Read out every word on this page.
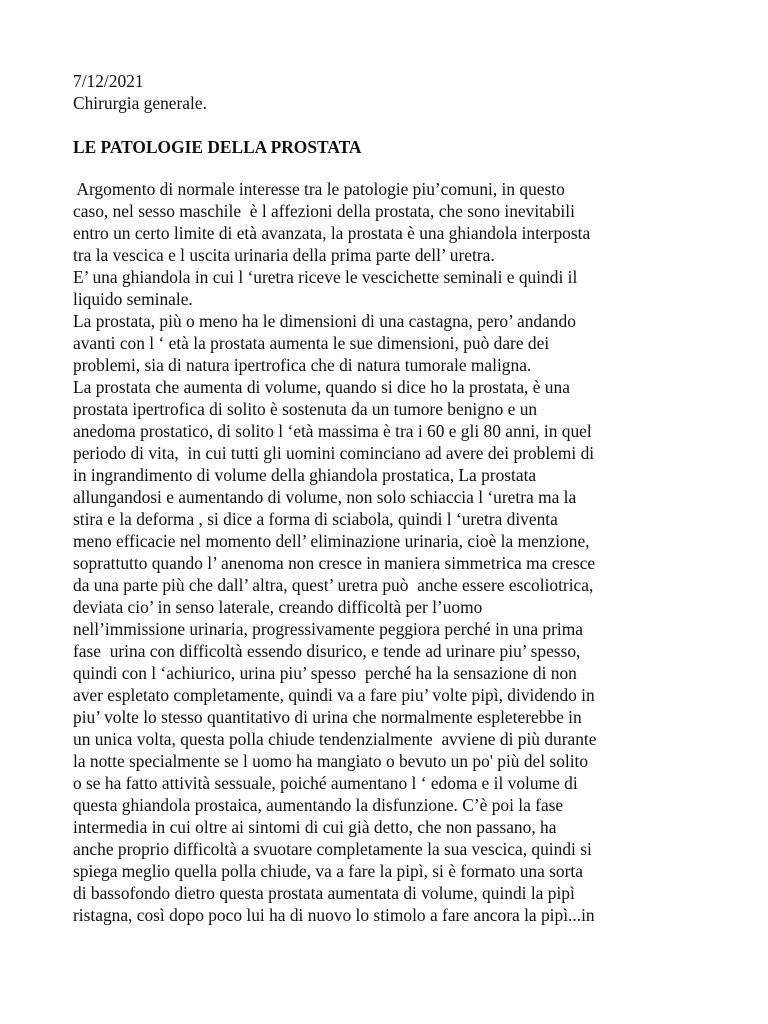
7/12/2021
Chirurgia generale.
LE PATOLOGIE DELLA PROSTATA
Argomento di normale interesse tra le patologie piu’comuni, in questo
caso, nel sesso maschile  è l affezioni della prostata, che sono inevitabili
entro un certo limite di età avanzata, la prostata è una ghiandola interposta
tra la vescica e l uscita urinaria della prima parte dell’ uretra.
E’ una ghiandola in cui l ‘uretra riceve le vescichette seminali e quindi il
liquido seminale.
La prostata, più o meno ha le dimensioni di una castagna, pero’ andando
avanti con l ‘ età la prostata aumenta le sue dimensioni, può dare dei
problemi, sia di natura ipertrofica che di natura tumorale maligna.
La prostata che aumenta di volume, quando si dice ho la prostata, è una
prostata ipertrofica di solito è sostenuta da un tumore benigno e un
anedoma prostatico, di solito l ‘età massima è tra i 60 e gli 80 anni, in quel
periodo di vita,  in cui tutti gli uomini cominciano ad avere dei problemi di
in ingrandimento di volume della ghiandola prostatica, La prostata
allungandosi e aumentando di volume, non solo schiaccia l ‘uretra ma la
stira e la deforma , si dice a forma di sciabola, quindi l ‘uretra diventa
meno efficacie nel momento dell’ eliminazione urinaria, cioè la menzione,
soprattutto quando l’ anenoma non cresce in maniera simmetrica ma cresce
da una parte più che dall’ altra, quest’ uretra può  anche essere escoliotrica,
deviata cio’ in senso laterale, creando difficoltà per l’uomo
nell’immissione urinaria, progressivamente peggiora perché in una prima
fase  urina con difficoltà essendo disurico, e tende ad urinare piu’ spesso,
quindi con l ‘achiurico, urina piu’ spesso  perché ha la sensazione di non
aver espletato completamente, quindi va a fare piu’ volte pipì, dividendo in
piu’ volte lo stesso quantitativo di urina che normalmente espleterebbe in
un unica volta, questa polla chiude tendenzialmente  avviene di più durante
la notte specialmente se l uomo ha mangiato o bevuto un po' più del solito
o se ha fatto attività sessuale, poiché aumentano l ‘ edoma e il volume di
questa ghiandola prostaica, aumentando la disfunzione. C’è poi la fase
intermedia in cui oltre ai sintomi di cui già detto, che non passano, ha
anche proprio difficoltà a svuotare completamente la sua vescica, quindi si
spiega meglio quella polla chiude, va a fare la pipì, si è formato una sorta
di bassofondo dietro questa prostata aumentata di volume, quindi la pipì
ristagna, così dopo poco lui ha di nuovo lo stimolo a fare ancora la pipì...in
